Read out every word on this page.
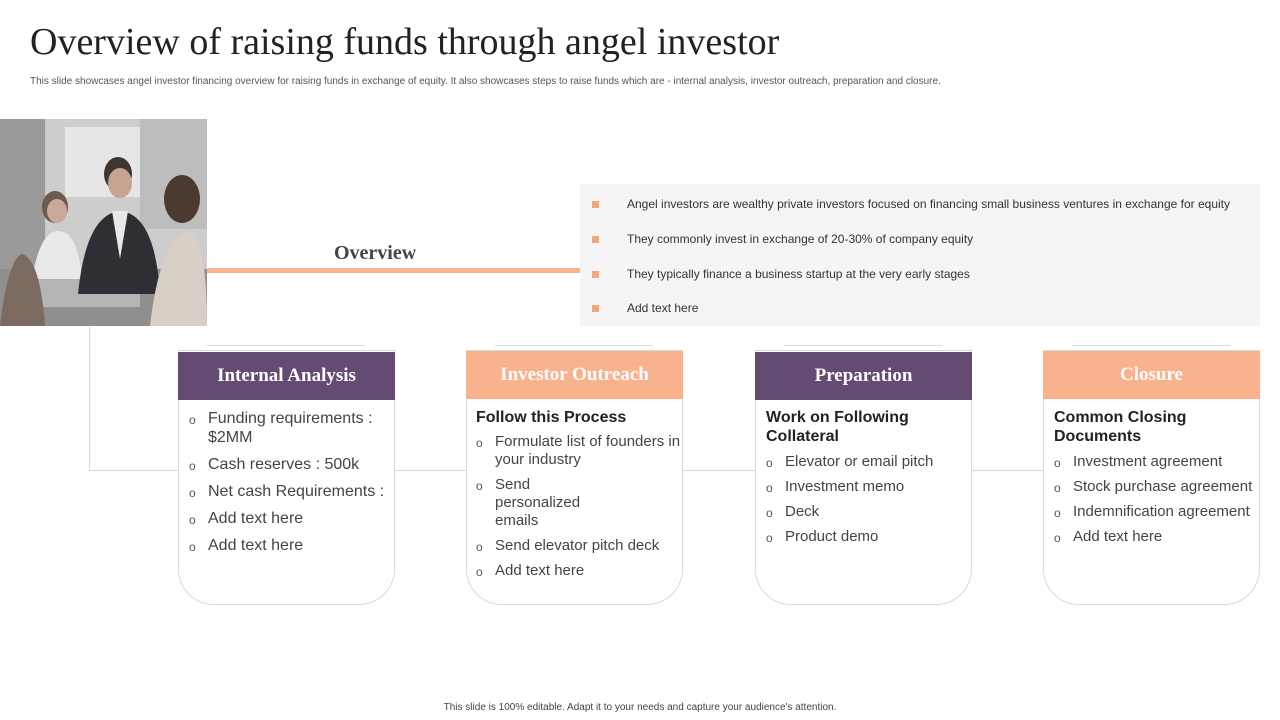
Overview of raising funds through angel investor
This slide showcases angel investor financing overview for raising funds in exchange of equity. It also showcases steps to raise funds which are - internal analysis, investor outreach, preparation and closure.
Overview
Angel investors are wealthy private investors focused on financing small business ventures in exchange for equity
They commonly invest in exchange of 20-30% of company equity
They typically finance a business startup at the very early stages
Add text here
Internal Analysis
o Funding requirements : $2MM
o Cash reserves : 500k
o Net cash Requirements :
o Add text here
o Add text here
Investor Outreach
Follow this Process
o Formulate list of founders in your industry
o Send personalized emails
o Send elevator pitch deck
o Add text here
Preparation
Work on Following Collateral
o Elevator or email pitch
o Investment memo
o Deck
o Product demo
Closure
Common Closing Documents
o Investment agreement
o Stock purchase agreement
o Indemnification agreement
o Add text here
This slide is 100% editable. Adapt it to your needs and capture your audience's attention.
